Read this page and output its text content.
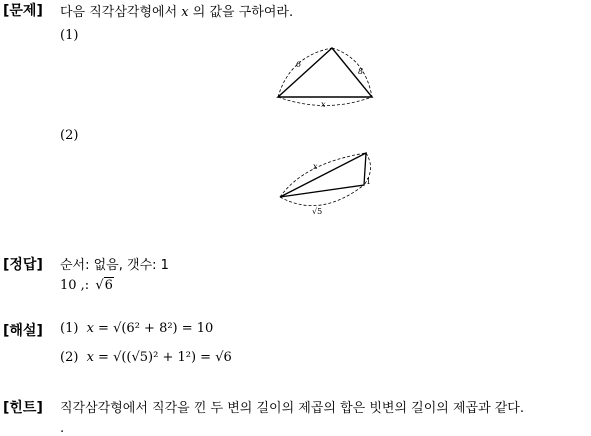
[문제] 다음 직각삼각형에서 x 의 값을 구하여라.
(1)
6
8
x
(2)
x
1
√5
[정답] 순서: 없음, 갯수: 1
10 ,: √6
[해설] (1) x = √(6² + 8²) = 10
(2) x = √((√5)² + 1²) = √6
[힌트] 직각삼각형에서 직각을 낀 두 변의 길이의 제곱의 합은 빗변의 길이의 제곱과 같다.
.
